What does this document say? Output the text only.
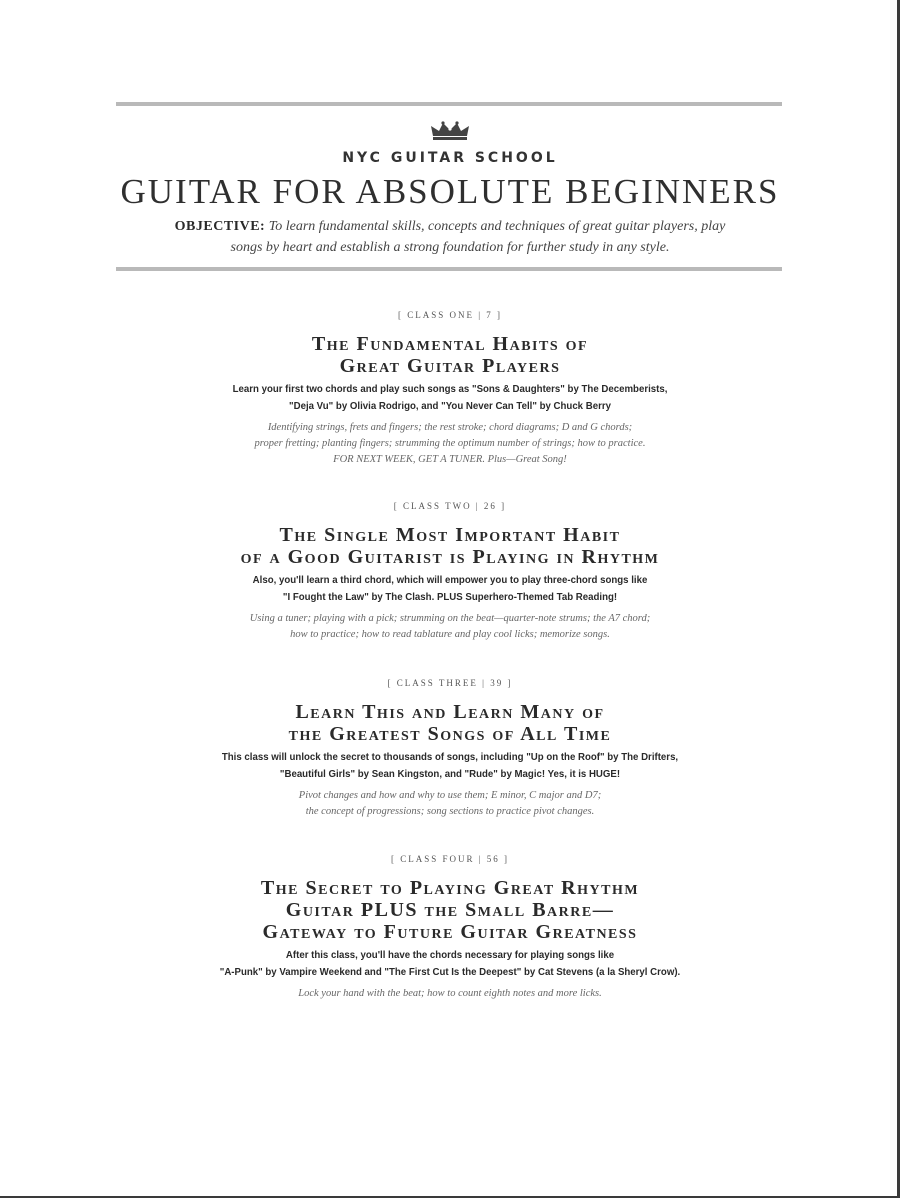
NYC GUITAR SCHOOL
GUITAR FOR ABSOLUTE BEGINNERS
OBJECTIVE: To learn fundamental skills, concepts and techniques of great guitar players, play
songs by heart and establish a strong foundation for further study in any style.
[ CLASS ONE | 7 ]
The Fundamental Habits of
Great Guitar Players
Learn your first two chords and play such songs as "Sons & Daughters" by The Decemberists,
"Deja Vu" by Olivia Rodrigo, and "You Never Can Tell" by Chuck Berry
Identifying strings, frets and fingers; the rest stroke; chord diagrams; D and G chords;
proper fretting; planting fingers; strumming the optimum number of strings; how to practice.
FOR NEXT WEEK, GET A TUNER. Plus—Great Song!
[ CLASS TWO | 26 ]
The Single Most Important Habit
of a Good Guitarist is Playing in Rhythm
Also, you'll learn a third chord, which will empower you to play three-chord songs like
"I Fought the Law" by The Clash. PLUS Superhero-Themed Tab Reading!
Using a tuner; playing with a pick; strumming on the beat—quarter-note strums; the A7 chord;
how to practice; how to read tablature and play cool licks; memorize songs.
[ CLASS THREE | 39 ]
Learn This and Learn Many of
the Greatest Songs of All Time
This class will unlock the secret to thousands of songs, including "Up on the Roof" by The Drifters,
"Beautiful Girls" by Sean Kingston, and "Rude" by Magic! Yes, it is HUGE!
Pivot changes and how and why to use them; E minor, C major and D7;
the concept of progressions; song sections to practice pivot changes.
[ CLASS FOUR | 56 ]
The Secret to Playing Great Rhythm
Guitar PLUS the Small Barre—
Gateway to Future Guitar Greatness
After this class, you'll have the chords necessary for playing songs like
"A-Punk" by Vampire Weekend and "The First Cut Is the Deepest" by Cat Stevens (a la Sheryl Crow).
Lock your hand with the beat; how to count eighth notes and more licks.
